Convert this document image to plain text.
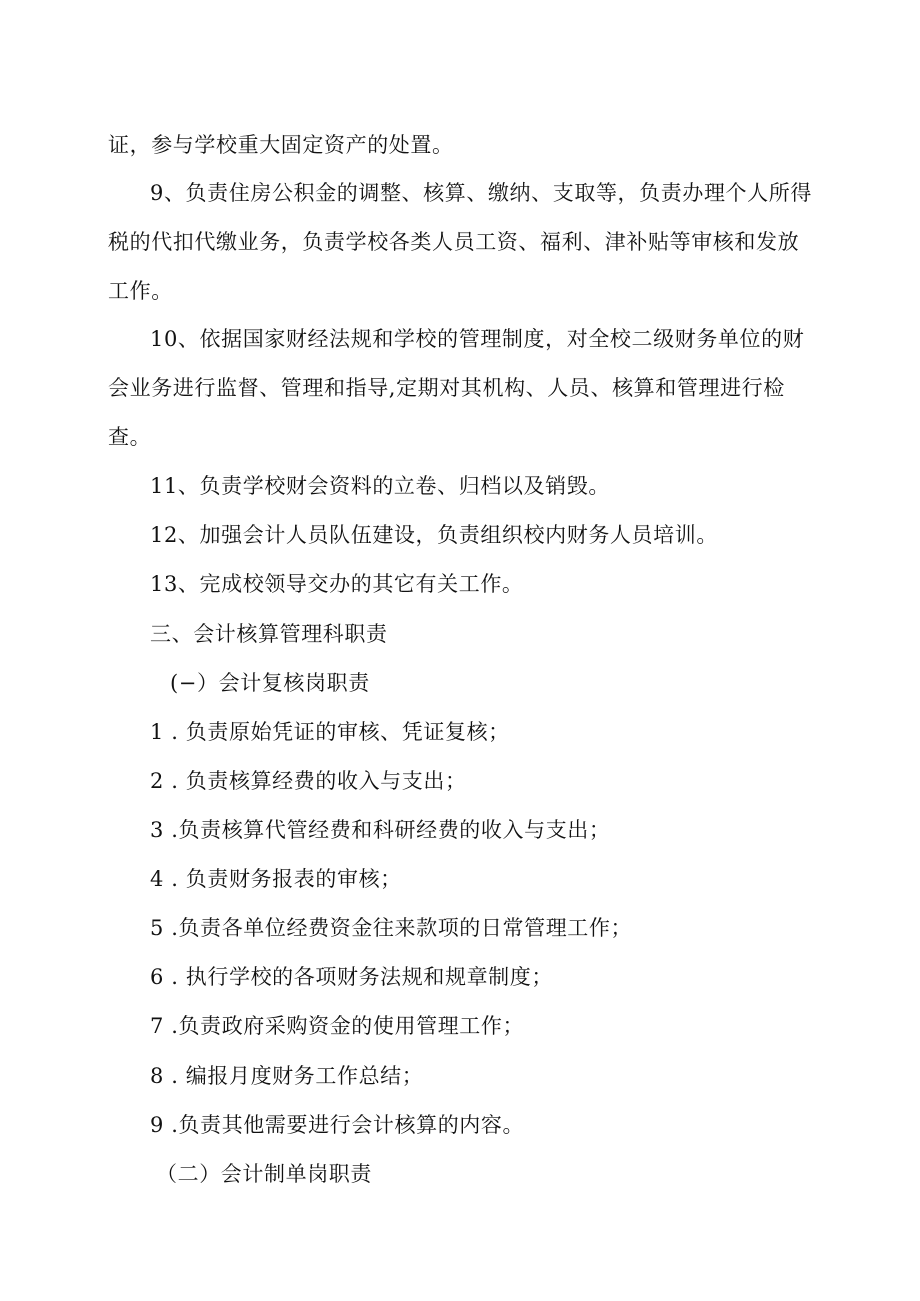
证，参与学校重大固定资产的处置。
9、负责住房公积金的调整、核算、缴纳、支取等，负责办理个人所得
税的代扣代缴业务，负责学校各类人员工资、福利、津补贴等审核和发放
工作。
10、依据国家财经法规和学校的管理制度，对全校二级财务单位的财
会业务进行监督、管理和指导,定期对其机构、人员、核算和管理进行检
查。
11、负责学校财会资料的立卷、归档以及销毁。
12、加强会计人员队伍建设，负责组织校内财务人员培训。
13、完成校领导交办的其它有关工作。
三、会计核算管理科职责
(−）会计复核岗职责
1 . 负责原始凭证的审核、凭证复核；
2 . 负责核算经费的收入与支出；
3 .负责核算代管经费和科研经费的收入与支出；
4 . 负责财务报表的审核；
5 .负责各单位经费资金往来款项的日常管理工作；
6 . 执行学校的各项财务法规和规章制度；
7 .负责政府采购资金的使用管理工作；
8 . 编报月度财务工作总结；
9 .负责其他需要进行会计核算的内容。
（二）会计制单岗职责
